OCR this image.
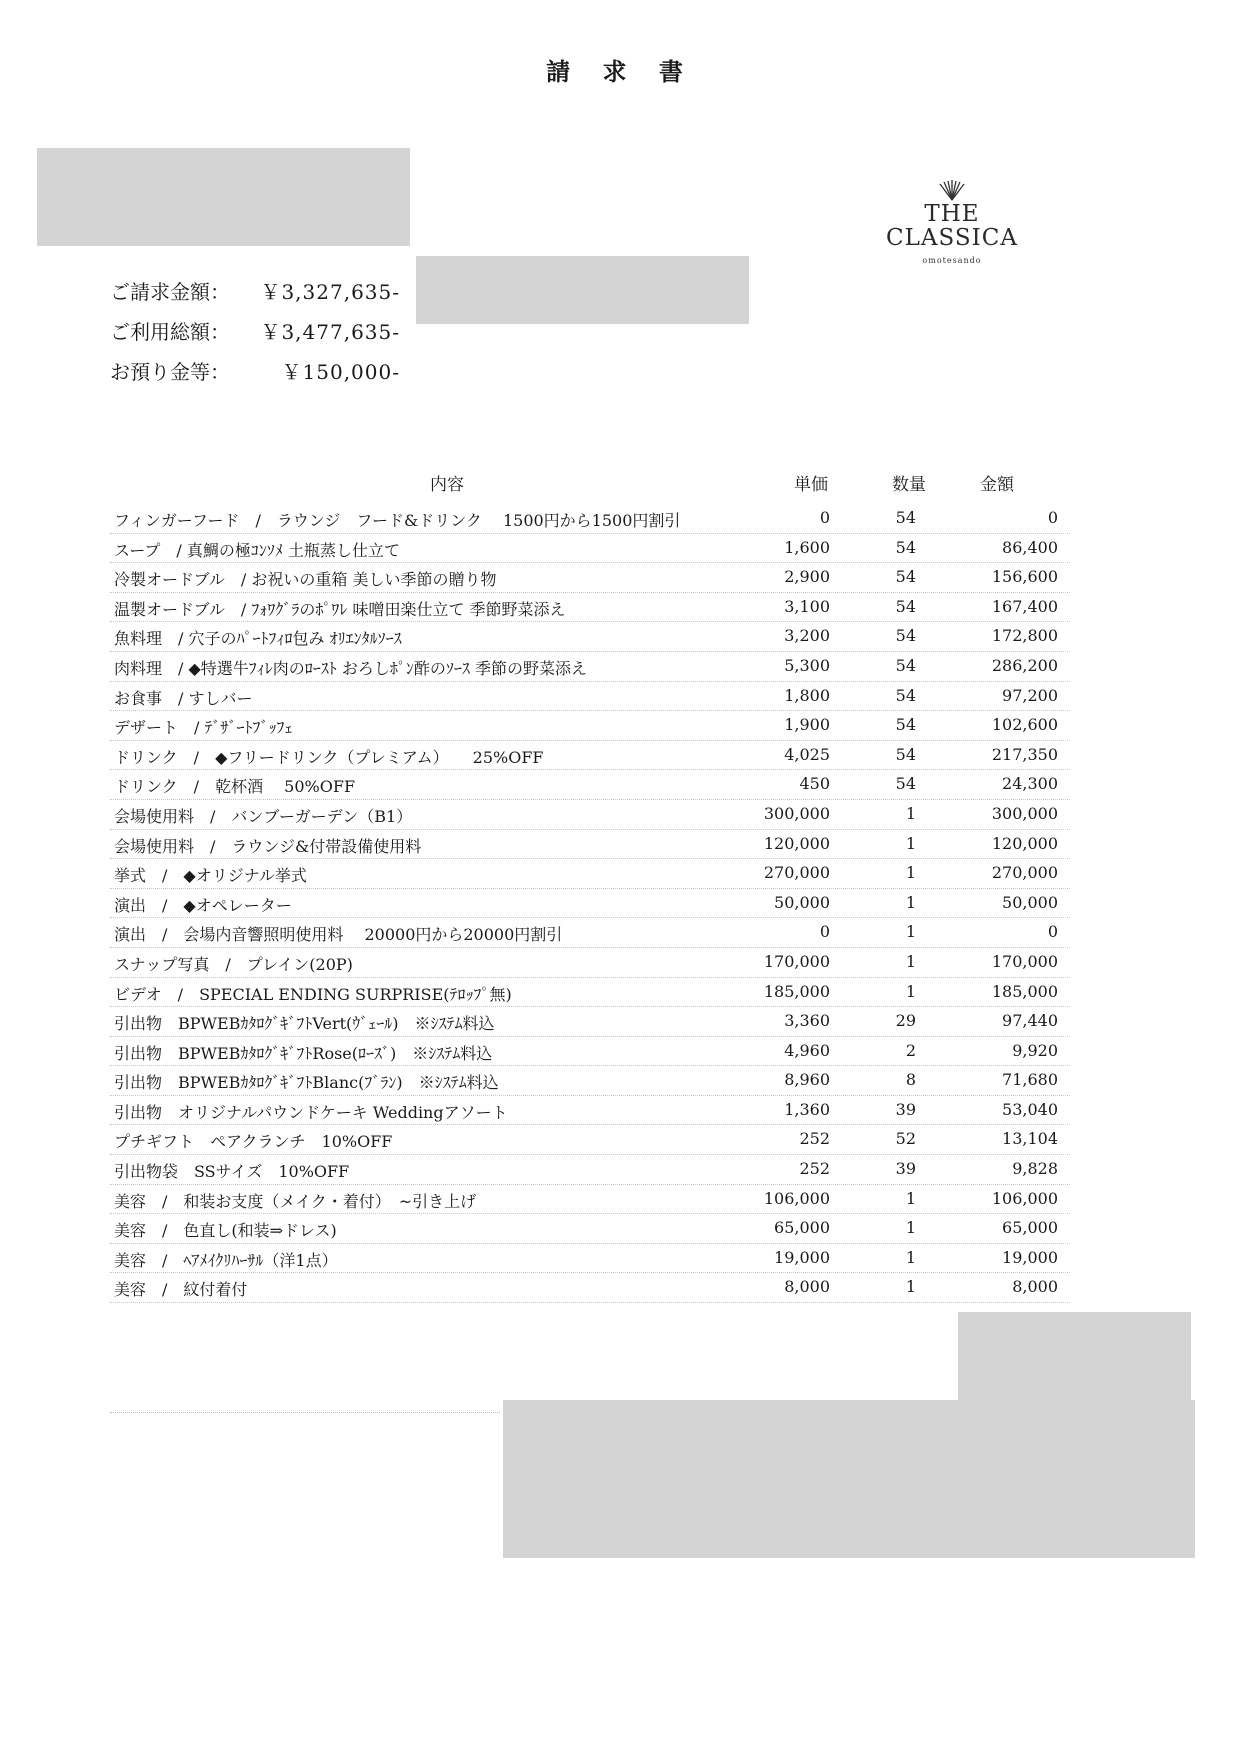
請 求 書
THE
CLASSICA
omotesando
ご請求金額： ￥3,327,635-
ご利用総額： ￥3,477,635-
お預り金等：	￥150,000-
内容	単価	数量	金額
フィンガーフード　/　ラウンジ　フード&ドリンク　 1500円から1500円割引	0	54	0
スープ　/ 真鯛の極ｺﾝｿﾒ 土瓶蒸し仕立て	1,600	54	86,400
冷製オードブル　/ お祝いの重箱 美しい季節の贈り物	2,900	54	156,600
温製オードブル　/ ﾌｫﾜｸﾞﾗのﾎﾟﾜﾚ 味噌田楽仕立て 季節野菜添え	3,100	54	167,400
魚料理　/ 穴子のﾊﾟｰﾄﾌｨﾛ包み ｵﾘｴﾝﾀﾙｿｰｽ	3,200	54	172,800
肉料理　/ ◆特選牛ﾌｨﾚ肉のﾛｰｽﾄ おろしﾎﾟﾝ酢のｿｰｽ 季節の野菜添え	5,300	54	286,200
お食事　/ すしバー	1,800	54	97,200
デザート　/ ﾃﾞｻﾞｰﾄﾌﾞｯﾌｪ	1,900	54	102,600
ドリンク　/　◆フリードリンク（プレミアム）　　25%OFF	4,025	54	217,350
ドリンク　/　乾杯酒　 50%OFF	450	54	24,300
会場使用料　/　バンブーガーデン（B1）	300,000	1	300,000
会場使用料　/　ラウンジ&付帯設備使用料	120,000	1	120,000
挙式　/　◆オリジナル挙式	270,000	1	270,000
演出　/　◆オペレーター	50,000	1	50,000
演出　/　会場内音響照明使用料　 20000円から20000円割引	0	1	0
スナップ写真　/　プレイン(20P)	170,000	1	170,000
ビデオ　/　SPECIAL ENDING SURPRISE(ﾃﾛｯﾌﾟ無)	185,000	1	185,000
引出物　BPWEBｶﾀﾛｸﾞｷﾞﾌﾄVert(ｳﾞｪｰﾙ)　※ｼｽﾃﾑ料込	3,360	29	97,440
引出物　BPWEBｶﾀﾛｸﾞｷﾞﾌﾄRose(ﾛｰｽﾞ)　※ｼｽﾃﾑ料込	4,960	2	9,920
引出物　BPWEBｶﾀﾛｸﾞｷﾞﾌﾄBlanc(ﾌﾞﾗﾝ)　※ｼｽﾃﾑ料込	8,960	8	71,680
引出物　オリジナルパウンドケーキ Weddingアソート	1,360	39	53,040
プチギフト　ペアクランチ　10%OFF	252	52	13,104
引出物袋　SSサイズ　10%OFF	252	39	9,828
美容　/　和装お支度（メイク・着付）　~引き上げ	106,000	1	106,000
美容　/　色直し(和装⇒ドレス)	65,000	1	65,000
美容　/　ﾍｱﾒｲｸﾘﾊｰｻﾙ（洋1点）	19,000	1	19,000
美容　/　紋付着付	8,000	1	8,000
